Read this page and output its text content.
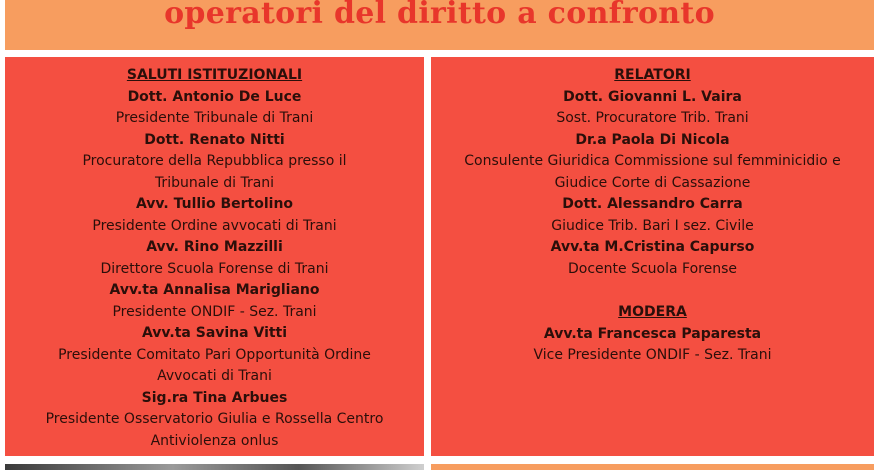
operatori del diritto a confronto
SALUTI ISTITUZIONALI
Dott. Antonio De Luce
Presidente Tribunale di Trani
Dott. Renato Nitti
Procuratore della Repubblica presso il
Tribunale di Trani
Avv. Tullio Bertolino
Presidente Ordine avvocati di Trani
Avv. Rino Mazzilli
Direttore Scuola Forense di Trani
Avv.ta Annalisa Marigliano
Presidente ONDIF - Sez. Trani
Avv.ta Savina Vitti
Presidente Comitato Pari Opportunità Ordine
Avvocati di Trani
Sig.ra Tina Arbues
Presidente Osservatorio Giulia e Rossella Centro
Antiviolenza onlus
RELATORI
Dott. Giovanni L. Vaira
Sost. Procuratore Trib. Trani
Dr.a Paola Di Nicola
Consulente Giuridica Commissione sul femminicidio e
Giudice Corte di Cassazione
Dott. Alessandro Carra
Giudice Trib. Bari I sez. Civile
Avv.ta M.Cristina Capurso
Docente Scuola Forense
MODERA
Avv.ta Francesca Paparesta
Vice Presidente ONDIF - Sez. Trani
